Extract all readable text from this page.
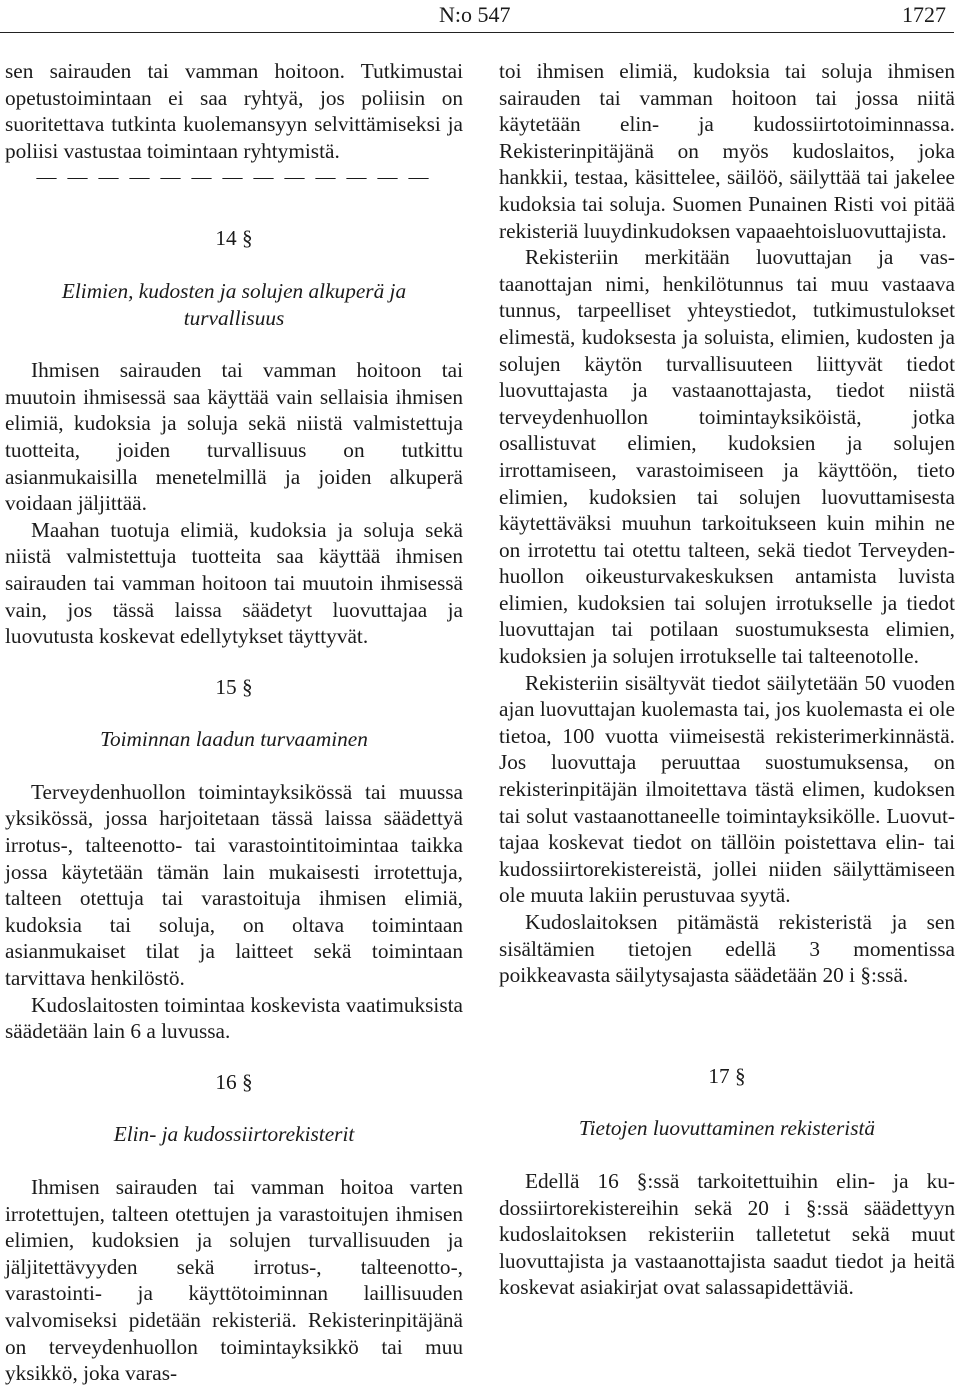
N:o 547	1727

sen sairauden tai vamman hoitoon. Tutkimustai opetustoimintaan ei saa ryhtyä, jos poliisin on suoritettava tutkinta kuolemansyyn selvittämiseksi ja poliisi vastustaa toimintaan ryhtymistä.

— — — — — — — — — — — — —
14 §
Elimien, kudosten ja solujen alkuperä ja turvallisuus

Ihmisen sairauden tai vamman hoitoon tai muutoin ihmisessä saa käyttää vain sellaisia ihmisen elimiä, kudoksia ja soluja sekä niistä valmistettuja tuotteita, joiden turvallisuus on tutkittu asianmukaisilla menetelmillä ja joiden alkuperä voidaan jäljittää.

Maahan tuotuja elimiä, kudoksia ja soluja sekä niistä valmistettuja tuotteita saa käyttää ihmisen sairauden tai vamman hoitoon tai muutoin ihmisessä vain, jos tässä laissa säädetyt luovuttajaa ja luovutusta koskevat edellytykset täyttyvät.

15 §
Toiminnan laadun turvaaminen

Terveydenhuollon toimintayksikössä tai muussa yksikössä, jossa harjoitetaan tässä laissa säädettyä irrotus-, talteenotto- tai varastointitoimintaa taikka jossa käytetään tämän lain mukaisesti irrotettuja, talteen otettuja tai varastoituja ihmisen elimiä, kudoksia tai soluja, on oltava toimintaan asianmukaiset tilat ja laitteet sekä toimintaan tarvittava henkilöstö.

Kudoslaitosten toimintaa koskevista vaatimuksista säädetään lain 6 a luvussa.

16 §
Elin- ja kudossiirtorekisterit

Ihmisen sairauden tai vamman hoitoa varten irrotettujen, talteen otettujen ja varastoitujen ihmisen elimien, kudoksien ja solujen turvallisuuden ja jäljitettävyyden sekä irrotus-, talteenotto-, varastointi- ja käyttötoiminnan laillisuuden valvomiseksi pidetään rekisteriä. Rekisterinpitäjänä on terveydenhuollon toimintayksikkö tai muu yksikkö, joka varas-

toi ihmisen elimiä, kudoksia tai soluja ihmisen sairauden tai vamman hoitoon tai jossa niitä käytetään elin- ja kudossiirtotoiminnassa. Rekisterinpitäjänä on myös kudoslaitos, joka hankkii, testaa, käsittelee, säilöö, säilyttää tai jakelee kudoksia tai soluja. Suomen Punainen Risti voi pitää rekisteriä luuydinkudoksen vapaaehtoisluovuttajista.

Rekisteriin merkitään luovuttajan ja vastaanottajan nimi, henkilötunnus tai muu vastaava tunnus, tarpeelliset yhteystiedot, tutkimustulokset elimestä, kudoksesta ja soluista, elimien, kudosten ja solujen käytön turvallisuuteen liittyvät tiedot luovuttajasta ja vastaanottajasta, tiedot niistä terveydenhuollon toimintayksiköistä, jotka osallistuvat elimien, kudoksien ja solujen irrottamiseen, varastoimiseen ja käyttöön, tieto elimien, kudoksien tai solujen luovuttamisesta käytettäväksi muuhun tarkoitukseen kuin mihin ne on irrotettu tai otettu talteen, sekä tiedot Terveydenhuollon oikeusturvakeskuksen antamista luvista elimien, kudoksien tai solujen irrotukselle ja tiedot luovuttajan tai potilaan suostumuksesta elimien, kudoksien ja solujen irrotukselle tai talteenotolle.

Rekisteriin sisältyvät tiedot säilytetään 50 vuoden ajan luovuttajan kuolemasta tai, jos kuolemasta ei ole tietoa, 100 vuotta viimeisestä rekisterimerkinnästä. Jos luovuttaja peruuttaa suostumuksensa, on rekisterinpitäjän ilmoitettava tästä elimen, kudoksen tai solut vastaanottaneelle toimintayksikölle. Luovuttajaa koskevat tiedot on tällöin poistettava elin- tai kudossiirtorekistereistä, jollei niiden säilyttämiseen ole muuta lakiin perustuvaa syytä.

Kudoslaitoksen pitämästä rekisteristä ja sen sisältämien tietojen edellä 3 momentissa poikkeavasta säilytysajasta säädetään 20 i §:ssä.

17 §
Tietojen luovuttaminen rekisteristä

Edellä 16 §:ssä tarkoitettuihin elin- ja kudossiirtorekistereihin sekä 20 i §:ssä säädettyyn kudoslaitoksen rekisteriin talletetut sekä muut luovuttajista ja vastaanottajista saadut tiedot ja heitä koskevat asiakirjat ovat salassapidettäviä.
